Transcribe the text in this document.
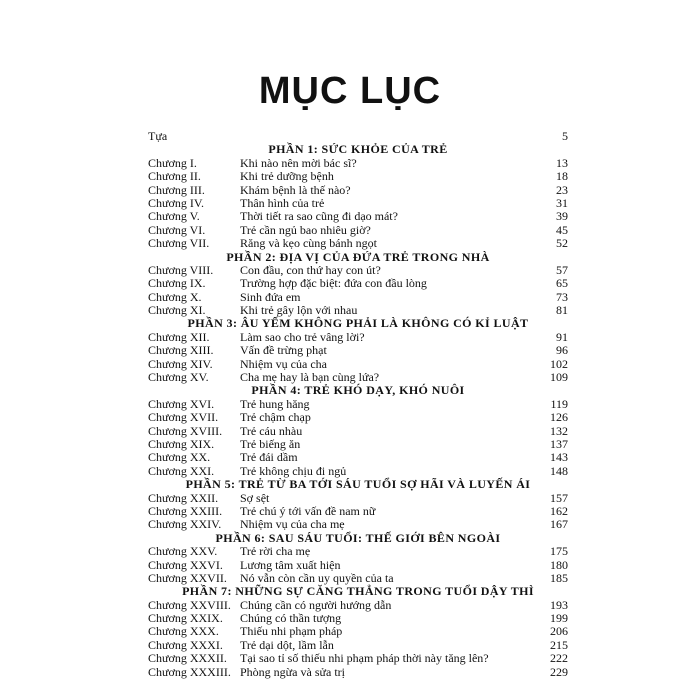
MỤC LỤC
Tựa	5
PHẦN 1: SỨC KHỎE CỦA TRẺ
Chương I.	Khi nào nên mời bác sĩ?	13
Chương II.	Khi trẻ dưỡng bệnh	18
Chương III.	Khám bệnh là thế nào?	23
Chương IV.	Thân hình của trẻ	31
Chương V.	Thời tiết ra sao cũng đi dạo mát?	39
Chương VI.	Trẻ cần ngủ bao nhiêu giờ?	45
Chương VII.	Răng và kẹo cùng bánh ngọt	52
PHẦN 2: ĐỊA VỊ CỦA ĐỨA TRẺ TRONG NHÀ
Chương VIII. Con đầu, con thứ hay con út?	57
Chương IX.	Trường hợp đặc biệt: đứa con đầu lòng	65
Chương X.	Sinh đứa em	73
Chương XI.	Khi trẻ gây lộn với nhau	81
PHẦN 3: ÂU YẾM KHÔNG PHẢI LÀ KHÔNG CÓ KỈ LUẬT
Chương XII.	Làm sao cho trẻ vâng lời?	91
Chương XIII. Vấn đề trừng phạt	96
Chương XIV. Nhiệm vụ của cha	102
Chương XV.	Cha mẹ hay là bạn cùng lứa?	109
PHẦN 4: TRẺ KHÓ DẠY, KHÓ NUÔI
Chương XVI. Trẻ hung hăng	119
Chương XVII. Trẻ chậm chạp	126
Chương XVIII. Trẻ cáu nhàu	132
Chương XIX. Trẻ biếng ăn	137
Chương XX. Trẻ đái dầm	143
Chương XXI. Trẻ không chịu đi ngủ	148
PHẦN 5: TRẺ TỪ BA TỚI SÁU TUỔI SỢ HÃI VÀ LUYẾN ÁI
Chương XXII. Sợ sệt	157
Chương XXIII. Trẻ chú ý tới vấn đề nam nữ	162
Chương XXIV. Nhiệm vụ của cha mẹ	167
PHẦN 6: SAU SÁU TUỔI: THẾ GIỚI BÊN NGOÀI
Chương XXV. Trẻ rời cha mẹ	175
Chương XXVI. Lương tâm xuất hiện	180
Chương XXVII. Nó vẫn còn cần uy quyền của ta	185
PHẦN 7: NHỮNG SỰ CĂNG THẲNG TRONG TUỔI DẬY THÌ
Chương XXVIII. Chúng cần có người hướng dẫn	193
Chương XXIX. Chúng có thần tượng	199
Chương XXX. Thiếu nhi phạm pháp	206
Chương XXXI. Trẻ dại dột, lầm lẫn	215
Chương XXXII. Tại sao tỉ số thiếu nhi phạm pháp thời này tăng lên?	222
Chương XXXIII. Phòng ngừa và sửa trị	229
